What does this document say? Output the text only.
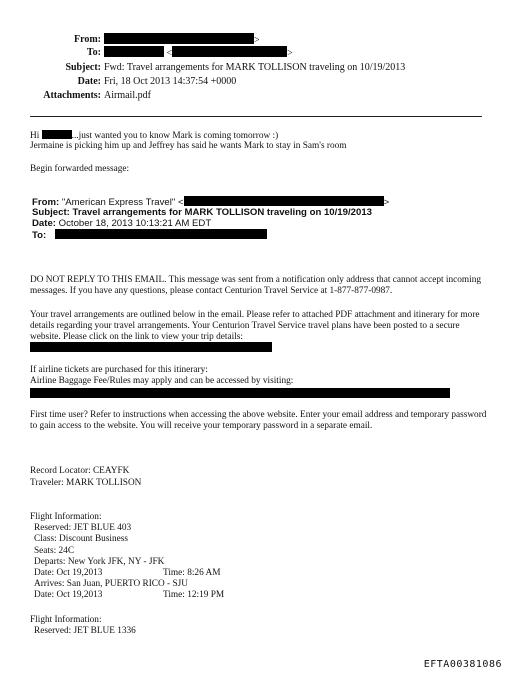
From:	>
To:	<	>
Subject: Fwd: Travel arrangements for MARK TOLLISON traveling on 10/19/2013
Date: Fri, 18 Oct 2013 14:37:54 +0000
Attachments: Airmail.pdf
Hi	...just wanted you to know Mark is coming tomorrow :)
Jermaine is picking him up and Jeffrey has said he wants Mark to stay in Sam's room
Begin forwarded message:
From: "American Express Travel" <	>
Subject: Travel arrangements for MARK TOLLISON traveling on 10/19/2013
Date: October 18, 2013 10:13:21 AM EDT
To:
DO NOT REPLY TO THIS EMAIL. This message was sent from a notification only address that cannot accept incoming messages. If you have any questions, please contact Centurion Travel Service at 1-877-877-0987.
Your travel arrangements are outlined below in the email. Please refer to attached PDF attachment and itinerary for more details regarding your travel arrangements. Your Centurion Travel Service travel plans have been posted to a secure website. Please click on the link to view your trip details:
If airline tickets are purchased for this itinerary:
Airline Baggage Fee/Rules may apply and can be accessed by visiting:
First time user? Refer to instructions when accessing the above website. Enter your email address and temporary password to gain access to the website. You will receive your temporary password in a separate email.
Record Locator: CEAYFK
Traveler: MARK TOLLISON
Flight Information:
Reserved: JET BLUE 403
Class: Discount Business
Seats: 24C
Departs: New York JFK, NY - JFK
Date: Oct 19,2013	Time: 8:26 AM
Arrives: San Juan, PUERTO RICO - SJU
Date: Oct 19,2013	Time: 12:19 PM
Flight Information:
Reserved: JET BLUE 1336
EFTA00381086
